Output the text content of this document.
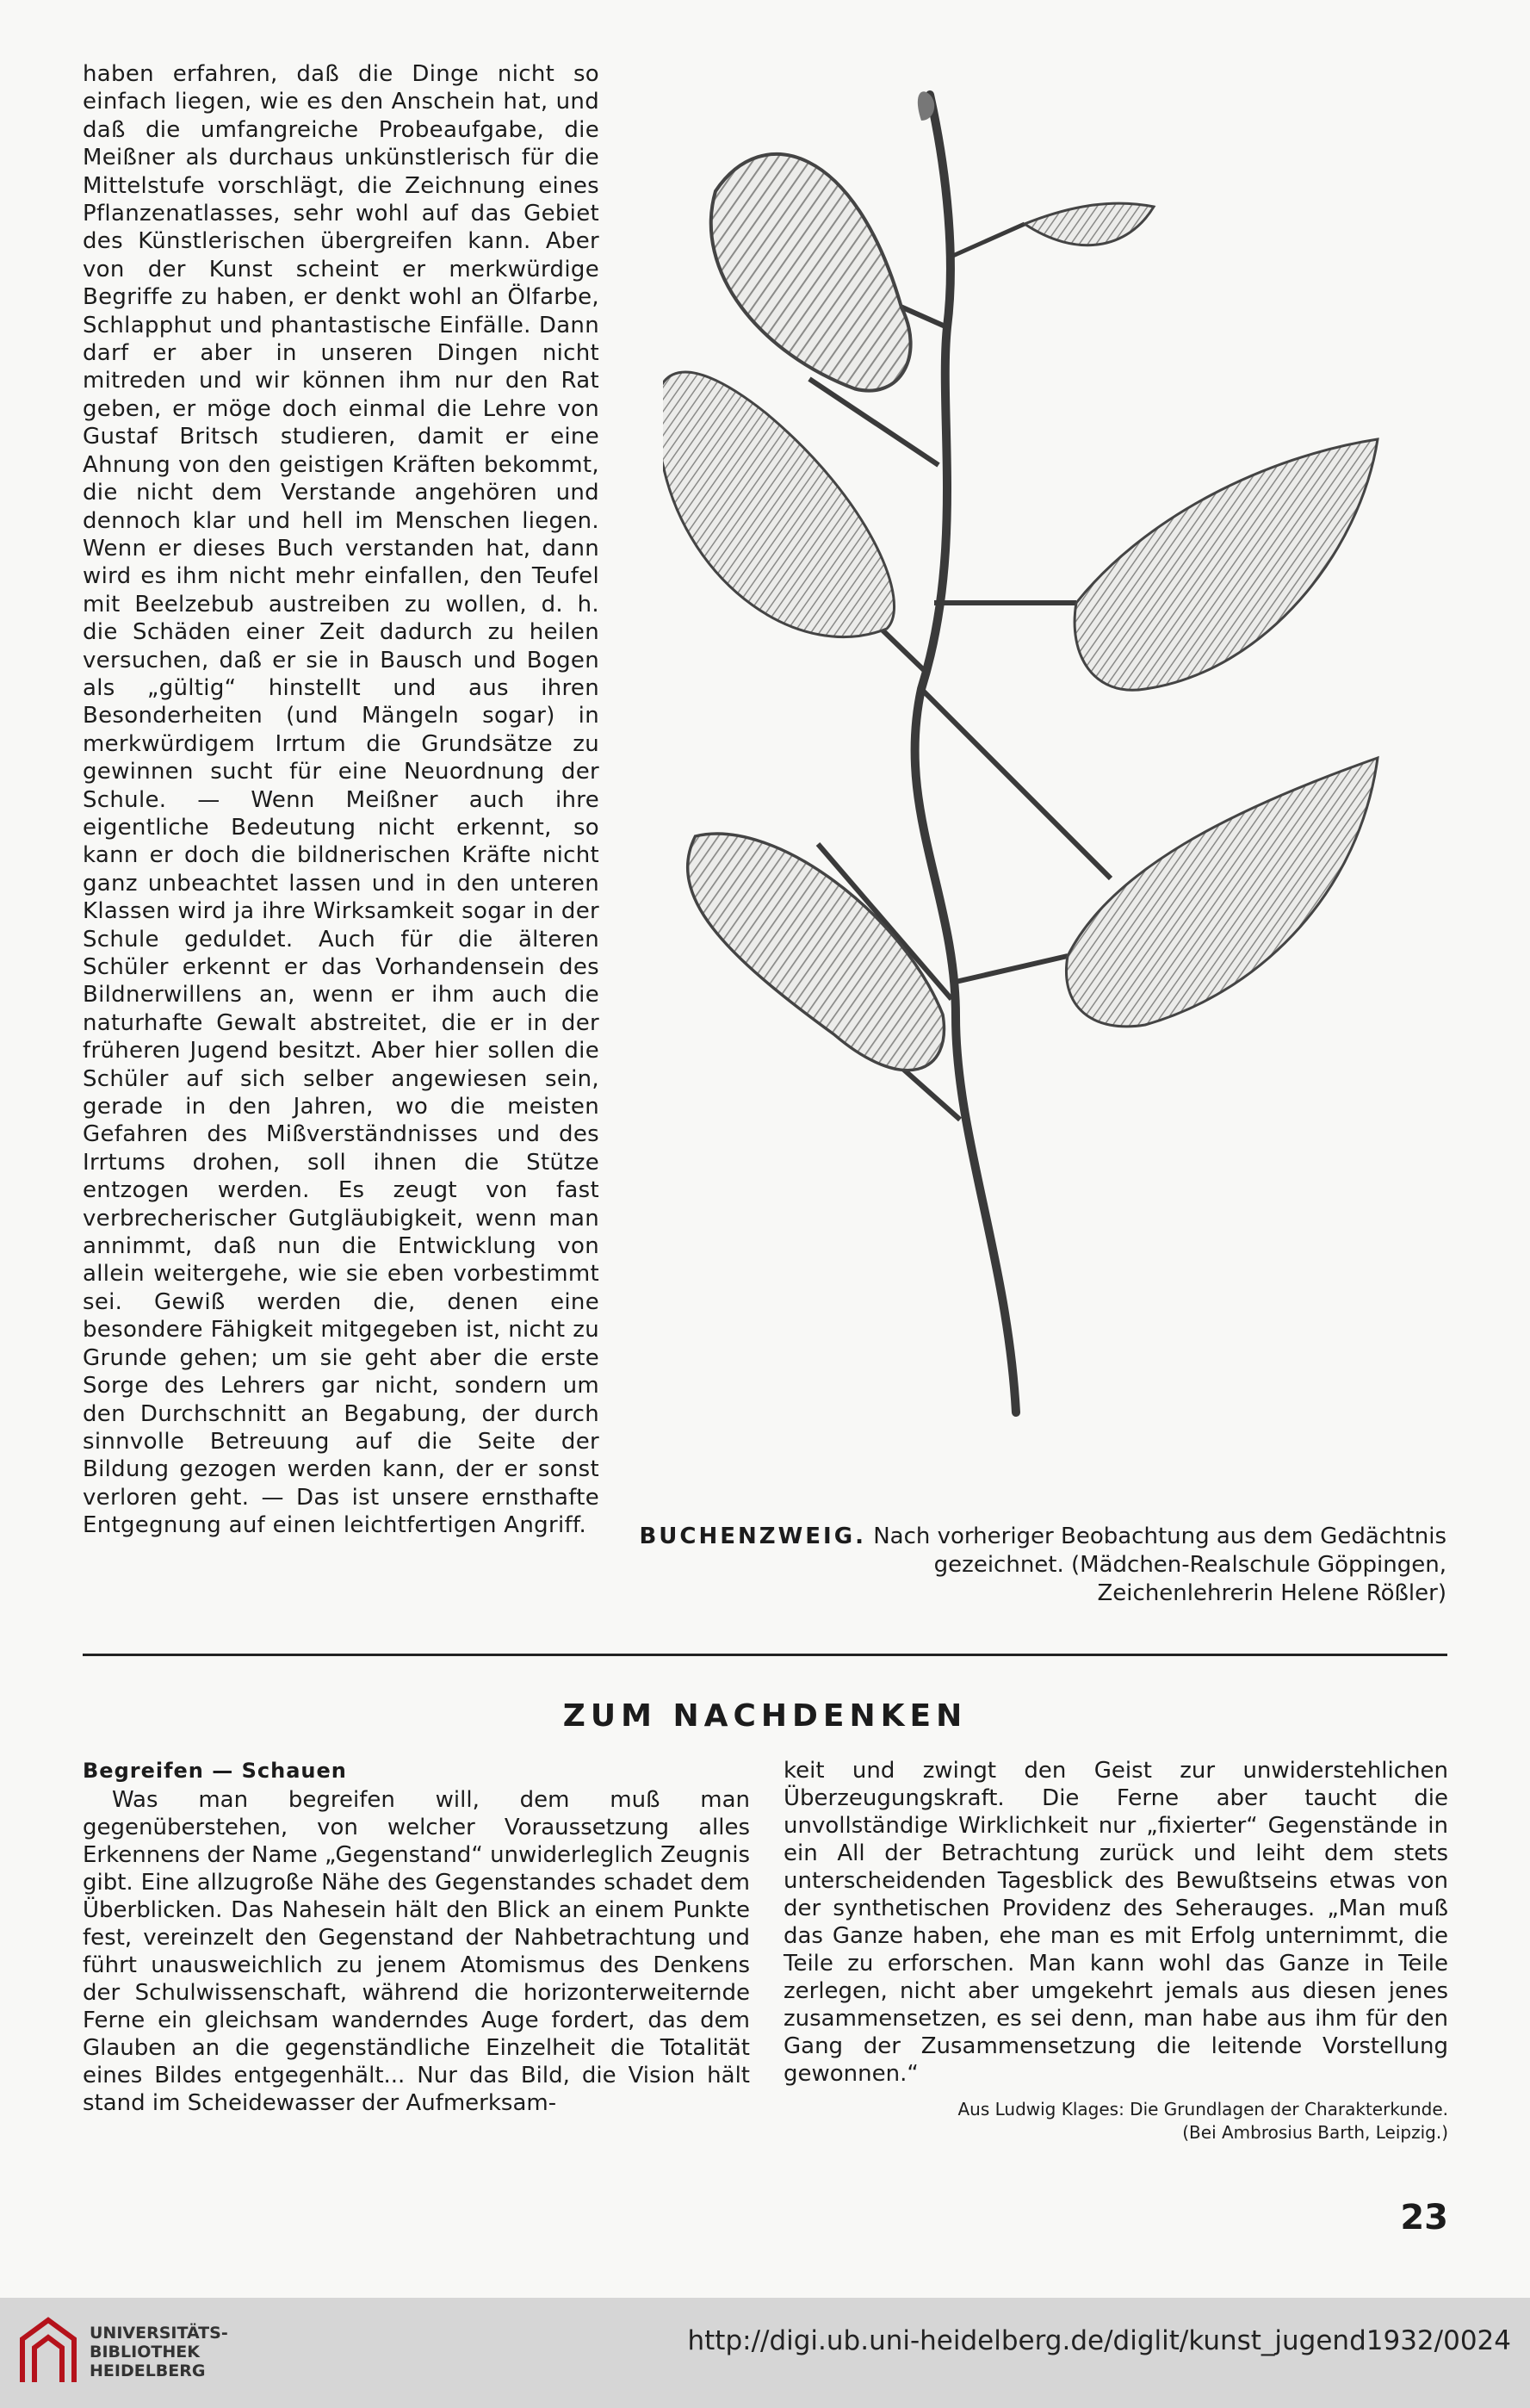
haben erfahren, daß die Dinge nicht so einfach liegen, wie es den Anschein hat, und daß die umfangreiche Probeaufgabe, die Meißner als durchaus unkünstlerisch für die Mittelstufe vorschlägt, die Zeichnung eines Pflanzenatlasses, sehr wohl auf das Gebiet des Künstlerischen übergreifen kann. Aber von der Kunst scheint er merkwürdige Begriffe zu haben, er denkt wohl an Ölfarbe, Schlapphut und phantastische Einfälle. Dann darf er aber in unseren Dingen nicht mitreden und wir können ihm nur den Rat geben, er möge doch einmal die Lehre von Gustaf Britsch studieren, damit er eine Ahnung von den geistigen Kräften bekommt, die nicht dem Verstande angehören und dennoch klar und hell im Menschen liegen. Wenn er dieses Buch verstanden hat, dann wird es ihm nicht mehr einfallen, den Teufel mit Beelzebub austreiben zu wollen, d. h. die Schäden einer Zeit dadurch zu heilen versuchen, daß er sie in Bausch und Bogen als „gültig“ hinstellt und aus ihren Besonderheiten (und Mängeln sogar) in merkwürdigem Irrtum die Grundsätze zu gewinnen sucht für eine Neuordnung der Schule. — Wenn Meißner auch ihre eigentliche Bedeutung nicht erkennt, so kann er doch die bildnerischen Kräfte nicht ganz unbeachtet lassen und in den unteren Klassen wird ja ihre Wirksamkeit sogar in der Schule geduldet. Auch für die älteren Schüler erkennt er das Vorhandensein des Bildnerwillens an, wenn er ihm auch die naturhafte Gewalt abstreitet, die er in der früheren Jugend besitzt. Aber hier sollen die Schüler auf sich selber angewiesen sein, gerade in den Jahren, wo die meisten Gefahren des Mißverständnisses und des Irrtums drohen, soll ihnen die Stütze entzogen werden. Es zeugt von fast verbrecherischer Gutgläubigkeit, wenn man annimmt, daß nun die Entwicklung von allein weitergehe, wie sie eben vorbestimmt sei. Gewiß werden die, denen eine besondere Fähigkeit mitgegeben ist, nicht zu Grunde gehen; um sie geht aber die erste Sorge des Lehrers gar nicht, sondern um den Durchschnitt an Begabung, der durch sinnvolle Betreuung auf die Seite der Bildung gezogen werden kann, der er sonst verloren geht. — Das ist unsere ernsthafte Entgegnung auf einen leichtfertigen Angriff.	BUCHENZWEIG. Nach vorheriger Beobachtung aus dem Gedächtnis
gezeichnet. (Mädchen-Realschule Göppingen,
Zeichenlehrerin Helene Rößler)
ZUM NACHDENKEN
Begreifen — Schauen

Was man begreifen will, dem muß man gegenüberstehen, von welcher Voraussetzung alles Erkennens der Name „Gegenstand“ unwiderleglich Zeugnis gibt. Eine allzugroße Nähe des Gegenstandes schadet dem Überblicken. Das Nahesein hält den Blick an einem Punkte fest, vereinzelt den Gegenstand der Nahbetrachtung und führt unausweichlich zu jenem Atomismus des Denkens der Schulwissenschaft, während die horizonterweiternde Ferne ein gleichsam wanderndes Auge fordert, das dem Glauben an die gegenständliche Einzelheit die Totalität eines Bildes entgegenhält... Nur das Bild, die Vision hält stand im Scheidewasser der Aufmerksam-

keit und zwingt den Geist zur unwiderstehlichen Überzeugungskraft. Die Ferne aber taucht die unvollständige Wirklichkeit nur „fixierter“ Gegenstände in ein All der Betrachtung zurück und leiht dem stets unterscheidenden Tagesblick des Bewußtseins etwas von der synthetischen Providenz des Seherauges. „Man muß das Ganze haben, ehe man es mit Erfolg unternimmt, die Teile zu erforschen. Man kann wohl das Ganze in Teile zerlegen, nicht aber umgekehrt jemals aus diesen jenes zusammensetzen, es sei denn, man habe aus ihm für den Gang der Zusammensetzung die leitende Vorstellung gewonnen.“

Aus Ludwig Klages: Die Grundlagen der Charakterkunde.
(Bei Ambrosius Barth, Leipzig.)
23
UNIVERSITÄTS-
BIBLIOTHEK
HEIDELBERG
http://digi.ub.uni-heidelberg.de/diglit/kunst_jugend1932/0024
